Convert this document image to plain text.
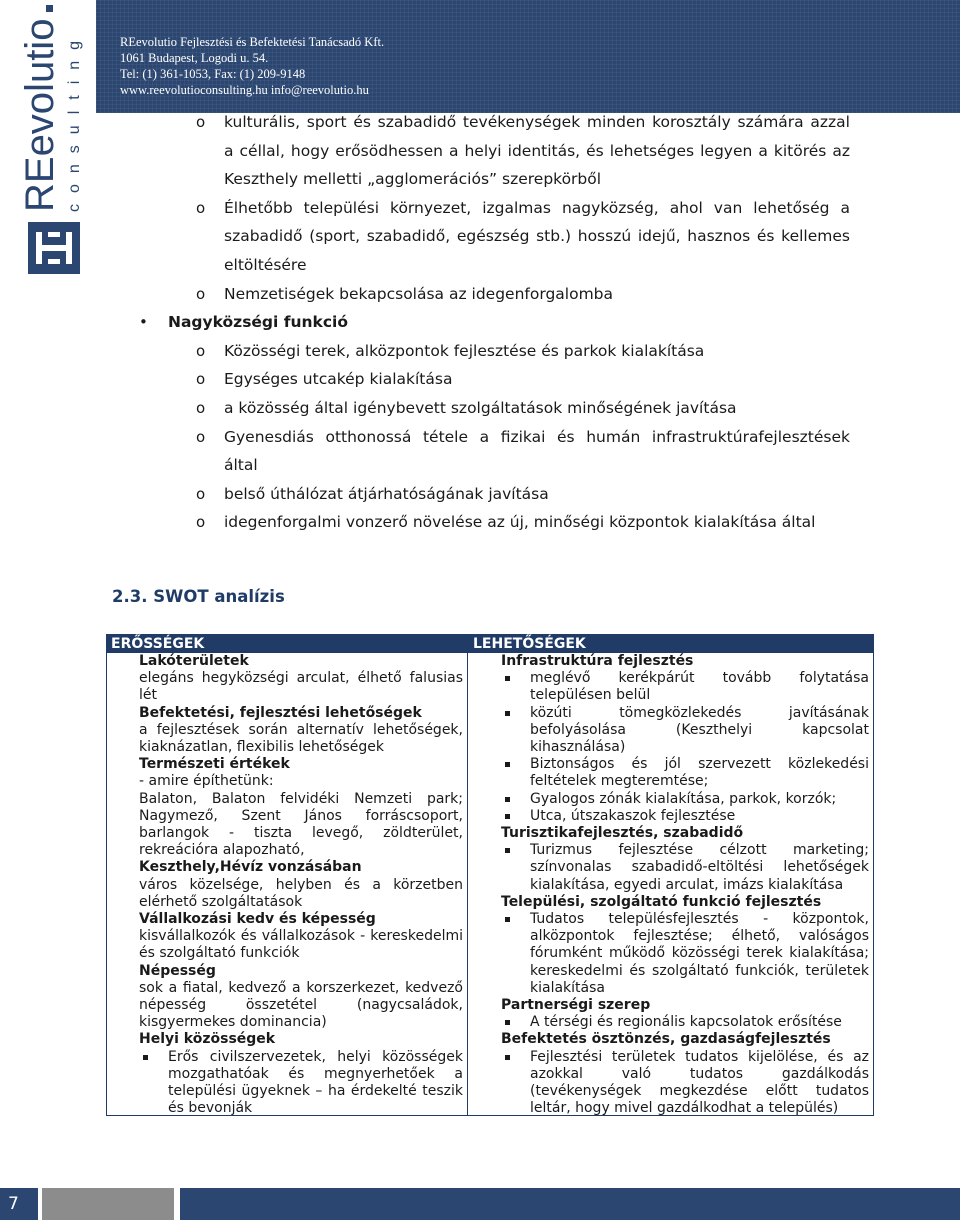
REevolutio Fejlesztési és Befektetési Tanácsadó Kft.
1061 Budapest, Logodi u. 54.
Tel: (1) 361-1053, Fax: (1) 209-9148
www.reevolutioconsulting.hu info@reevolutio.hu
REevolutio consulting	o kulturális, sport és szabadidő tevékenységek minden korosztály számára azzal
a céllal, hogy erősödhessen a helyi identitás, és lehetséges legyen a kitörés az
Keszthely melletti „agglomerációs” szerepkörből
o Élhetőbb települési környezet, izgalmas nagyközség, ahol van lehetőség a
szabadidő (sport, szabadidő, egészség stb.) hosszú idejű, hasznos és kellemes
eltöltésére
o Nemzetiségek bekapcsolása az idegenforgalomba
• Nagyközségi funkció
o Közösségi terek, alközpontok fejlesztése és parkok kialakítása
o Egységes utcakép kialakítása
o a közösség által igénybevett szolgáltatások minőségének javítása
o Gyenesdiás otthonossá tétele a fizikai és humán infrastruktúrafejlesztések
által
o belső úthálózat átjárhatóságának javítása
o idegenforgalmi vonzerő növelése az új, minőségi központok kialakítása által
2.3. SWOT analízis
ERŐSSÉGEK	LEHETŐSÉGEK

Lakóterületek

elegáns hegyközségi arculat, élhető falusias lét

Befektetési, fejlesztési lehetőségek

a fejlesztések során alternatív lehetőségek, kiaknázatlan, flexibilis lehetőségek

Természeti értékek

- amire építhetünk:

Balaton, Balaton felvidéki Nemzeti park; Nagymező, Szent János forráscsoport, barlangok - tiszta levegő, zöldterület, rekreációra alapozható,

Keszthely,Hévíz vonzásában

város közelsége, helyben és a körzetben elérhető szolgáltatások

Vállalkozási kedv és képesség

kisvállalkozók és vállalkozások - kereskedelmi és szolgáltató funkciók

Népesség

sok a fiatal, kedvező a korszerkezet, kedvező népesség összetétel (nagycsaládok, kisgyermekes dominancia)

Helyi közösségek

Erős civilszervezetek, helyi közösségek mozgathatóak és megnyerhetőek a települési ügyeknek – ha érdekelté teszik és bevonják

Infrastruktúra fejlesztés

meglévő kerékpárút tovább folytatása településen belül

közúti tömegközlekedés javításának befolyásolása (Keszthelyi kapcsolat kihasználása)

Biztonságos és jól szervezett közlekedési feltételek megteremtése;

Gyalogos zónák kialakítása, parkok, korzók;

Utca, útszakaszok fejlesztése

Turisztikafejlesztés, szabadidő

Turizmus fejlesztése célzott marketing; színvonalas szabadidő-eltöltési lehetőségek kialakítása, egyedi arculat, imázs kialakítása

Települési, szolgáltató funkció fejlesztés

Tudatos településfejlesztés - központok, alközpontok fejlesztése; élhető, valóságos fórumként működő közösségi terek kialakítása; kereskedelmi és szolgáltató funkciók, területek kialakítása

Partnerségi szerep

A térségi és regionális kapcsolatok erősítése

Befektetés ösztönzés, gazdaságfejlesztés

Fejlesztési területek tudatos kijelölése, és az azokkal való tudatos gazdálkodás (tevékenységek megkezdése előtt tudatos leltár, hogy mivel gazdálkodhat a település)

7
